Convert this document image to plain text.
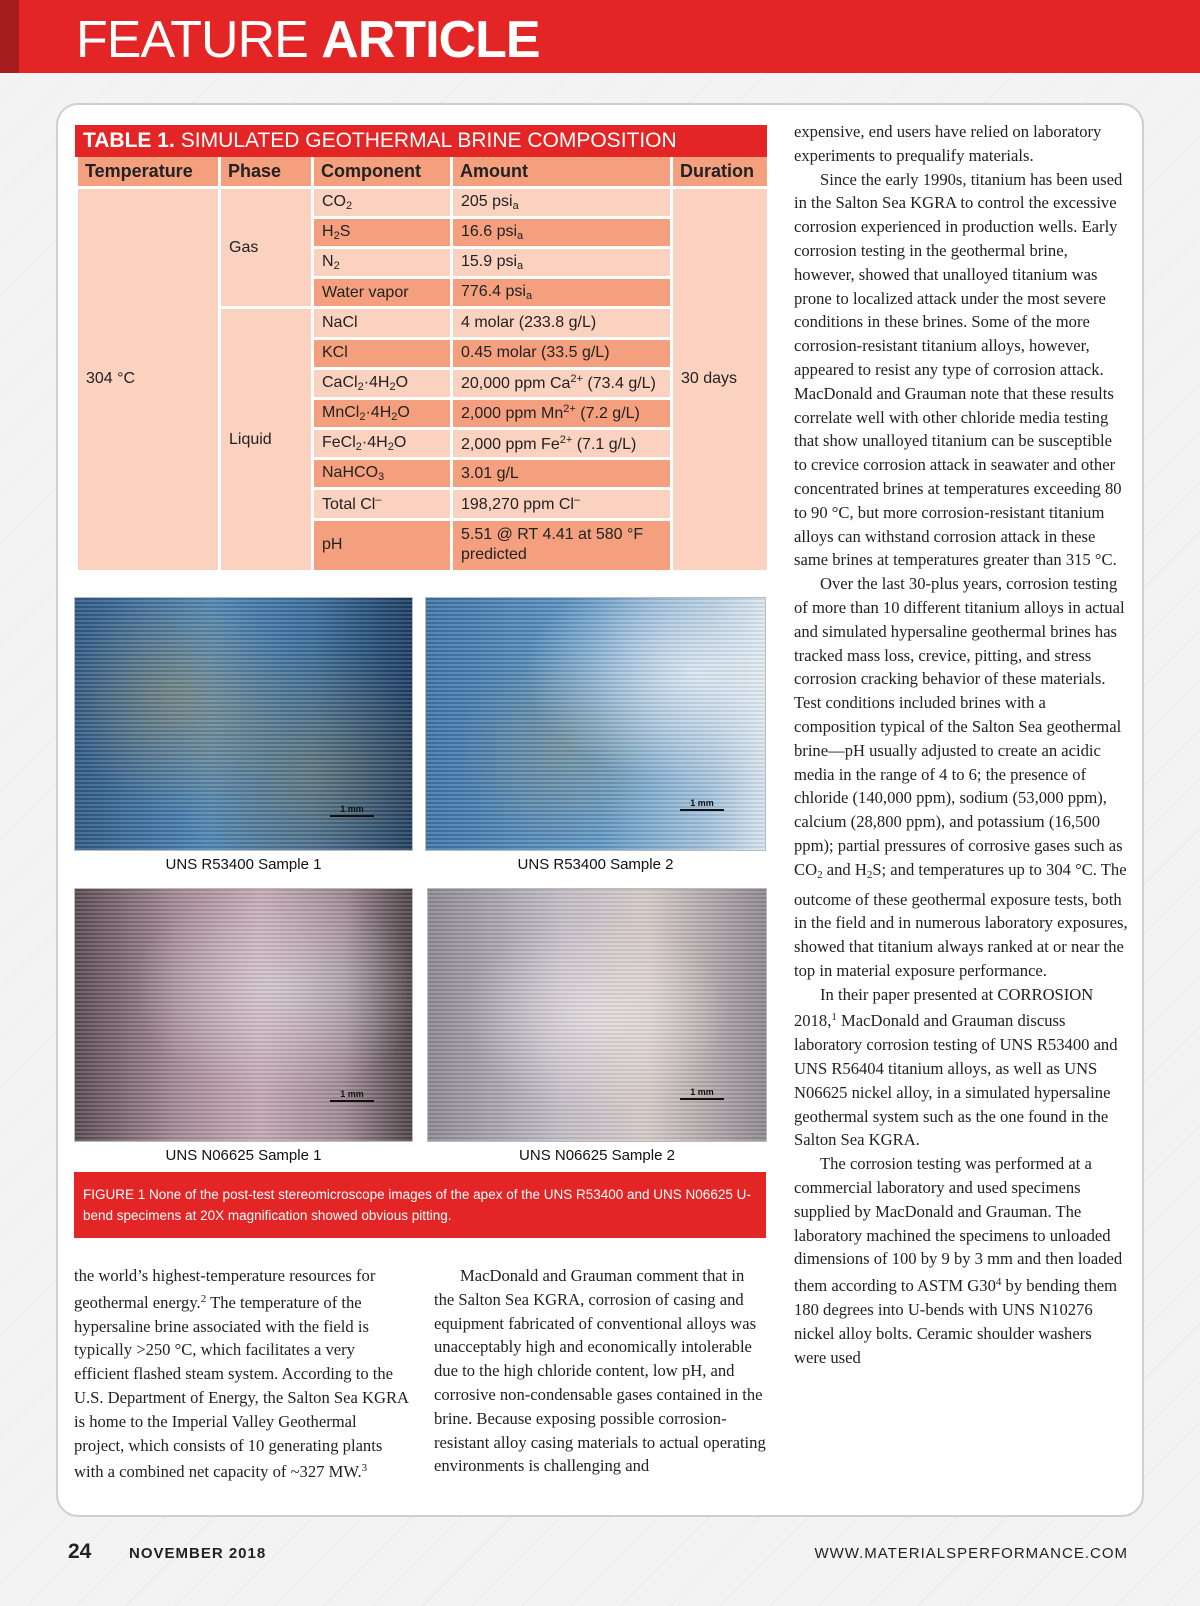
FEATURE ARTICLE
TABLE 1. SIMULATED GEOTHERMAL BRINE COMPOSITION
Temperature	Phase	Component	Amount	Duration
304 °C	Gas	$CO_2$	205 psi$_a$	30 days
		$H_2S$	16.6 psi$_a$
		$N_2$	15.9 psi$_a$
		Water vapor	776.4 psi$_a$
	Liquid	NaCl	4 molar (233.8 g/L)	
		KCl	0.45 molar (33.5 g/L)	
		$CaCl_2\cdot 4H_2O$	20,000 ppm $Ca^{2+}$ (73.4 g/L)	
		$MnCl_2\cdot 4H_2O$	2,000 ppm $Mn^{2+}$ (7.2 g/L)	
		$FeCl_2\cdot 4H_2O$	2,000 ppm $Fe^{2+}$ (7.1 g/L)	
		NaHCO$_3$	3.01 g/L	
		Total Cl–	198,270 ppm Cl–
		pH	5.51 @ RT 4.41 at 580 °F predicted	
1 mm
1 mm
1 mm	1 mm
UNS R53400 Sample 1	UNS R53400 Sample 2
UNS N06625 Sample 1	UNS N06625 Sample 2
FIGURE 1 None of the post-test stereomicroscope images of the apex of the UNS R53400 and UNS N06625 U-bend specimens at 20X magnification showed obvious pitting.

the world’s highest-temperature resources for geothermal energy.$^2$ The temperature of the hypersaline brine associated with the field is typically >250 °C, which facilitates a very efficient flashed steam system. According to the U.S. Department of Energy, the Salton Sea KGRA is home to the Imperial Valley Geothermal project, which consists of 10 generating plants with a combined net capacity of ~327 MW.$^3$

MacDonald and Grauman comment that in the Salton Sea KGRA, corrosion of casing and equipment fabricated of conventional alloys was unacceptably high and economically intolerable due to the high chloride content, low pH, and corrosive non-condensable gases contained in the brine. Because exposing possible corrosion-resistant alloy casing materials to actual operating environments is challenging and

expensive, end users have relied on laboratory experiments to prequalify materials.

Since the early 1990s, titanium has been used in the Salton Sea KGRA to control the excessive corrosion experienced in production wells. Early corrosion testing in the geothermal brine, however, showed that unalloyed titanium was prone to localized attack under the most severe conditions in these brines. Some of the more corrosion-resistant titanium alloys, however, appeared to resist any type of corrosion attack. MacDonald and Grauman note that these results correlate well with other chloride media testing that show unalloyed titanium can be susceptible to crevice corrosion attack in seawater and other concentrated brines at temperatures exceeding 80 to 90 °C, but more corrosion-resistant titanium alloys can withstand corrosion attack in these same brines at temperatures greater than 315 °C.

Over the last 30-plus years, corrosion testing of more than 10 different titanium alloys in actual and simulated hypersaline geothermal brines has tracked mass loss, crevice, pitting, and stress corrosion cracking behavior of these materials. Test conditions included brines with a composition typical of the Salton Sea geothermal brine—pH usually adjusted to create an acidic media in the range of 4 to 6; the presence of chloride (140,000 ppm), sodium (53,000 ppm), calcium (28,800 ppm), and potassium (16,500 ppm); partial pressures of corrosive gases such as $CO_2$ and $H_2S$; and temperatures up to 304 °C. The outcome of these geothermal exposure tests, both in the field and in numerous laboratory exposures, showed that titanium always ranked at or near the top in material exposure performance.

In their paper presented at CORROSION 2018,$^1$ MacDonald and Grauman discuss laboratory corrosion testing of UNS R53400 and UNS R56404 titanium alloys, as well as UNS N06625 nickel alloy, in a simulated hypersaline geothermal system such as the one found in the Salton Sea KGRA.

The corrosion testing was performed at a commercial laboratory and used specimens supplied by MacDonald and Grauman. The laboratory machined the specimens to unloaded dimensions of 100 by 9 by 3 mm and then loaded them according to ASTM $G30^4$ by bending them 180 degrees into U-bends with UNS N10276 nickel alloy bolts. Ceramic shoulder washers were used

24	NOVEMBER 2018	WWW.MATERIALSPERFORMANCE.COM
